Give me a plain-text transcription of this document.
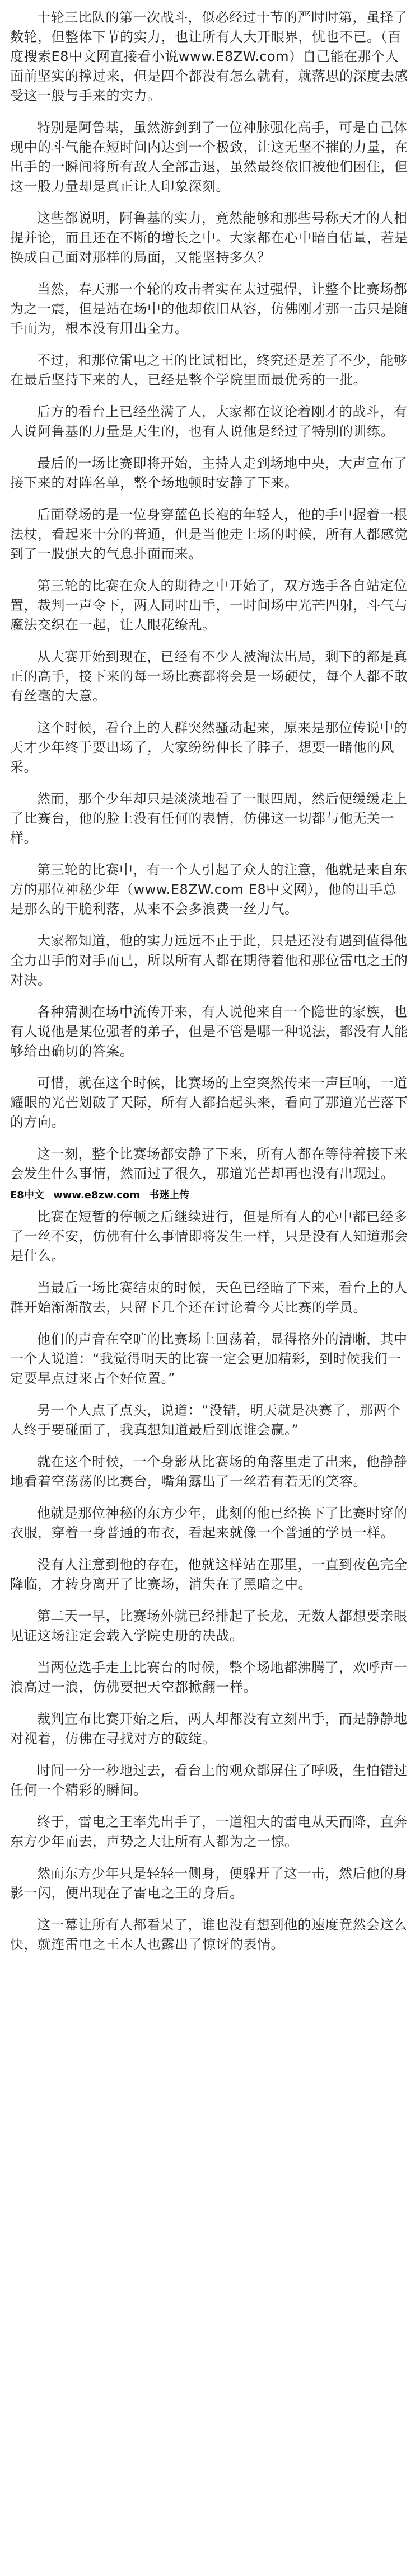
十轮三比队的第一次战斗，似必经过十节的严时时第，虽择了数轮，但整体下节的实力，也让所有人大开眼界，忧也不已。（百度搜索E8中文网直接看小说www.E8ZW.com）自己能在那个人面前坚实的撑过来，但是四个都没有怎么就有，就落思的深度去感受这一般与手来的实力。

特别是阿鲁基，虽然游剑到了一位神脉强化高手，可是自己体现中的斗气能在短时间内达到一个极致，让这无坚不摧的力量，在出手的一瞬间将所有敌人全部击退，虽然最终依旧被他们困住，但这一股力量却是真正让人印象深刻。

这些都说明，阿鲁基的实力，竟然能够和那些号称天才的人相提并论，而且还在不断的增长之中。大家都在心中暗自估量，若是换成自己面对那样的局面，又能坚持多久？

当然，春天那一个轮的攻击者实在太过强悍，让整个比赛场都为之一震，但是站在场中的他却依旧从容，仿佛刚才那一击只是随手而为，根本没有用出全力。

不过，和那位雷电之王的比试相比，终究还是差了不少，能够在最后坚持下来的人，已经是整个学院里面最优秀的一批。

后方的看台上已经坐满了人，大家都在议论着刚才的战斗，有人说阿鲁基的力量是天生的，也有人说他是经过了特别的训练。

最后的一场比赛即将开始，主持人走到场地中央，大声宣布了接下来的对阵名单，整个场地顿时安静了下来。

后面登场的是一位身穿蓝色长袍的年轻人，他的手中握着一根法杖，看起来十分的普通，但是当他走上场的时候，所有人都感觉到了一股强大的气息扑面而来。

第三轮的比赛在众人的期待之中开始了，双方选手各自站定位置，裁判一声令下，两人同时出手，一时间场中光芒四射，斗气与魔法交织在一起，让人眼花缭乱。

从大赛开始到现在，已经有不少人被淘汰出局，剩下的都是真正的高手，接下来的每一场比赛都将会是一场硬仗，每个人都不敢有丝毫的大意。

这个时候，看台上的人群突然骚动起来，原来是那位传说中的天才少年终于要出场了，大家纷纷伸长了脖子，想要一睹他的风采。

然而，那个少年却只是淡淡地看了一眼四周，然后便缓缓走上了比赛台，他的脸上没有任何的表情，仿佛这一切都与他无关一样。

第三轮的比赛中，有一个人引起了众人的注意，他就是来自东方的那位神秘少年（www.E8ZW.com E8中文网），他的出手总是那么的干脆利落，从来不会多浪费一丝力气。

大家都知道，他的实力远远不止于此，只是还没有遇到值得他全力出手的对手而已，所以所有人都在期待着他和那位雷电之王的对决。

各种猜测在场中流传开来，有人说他来自一个隐世的家族，也有人说他是某位强者的弟子，但是不管是哪一种说法，都没有人能够给出确切的答案。

可惜，就在这个时候，比赛场的上空突然传来一声巨响，一道耀眼的光芒划破了天际，所有人都抬起头来，看向了那道光芒落下的方向。

这一刻，整个比赛场都安静了下来，所有人都在等待着接下来会发生什么事情，然而过了很久，那道光芒却再也没有出现过。

E8中文 www.e8zw.com 书迷上传

比赛在短暂的停顿之后继续进行，但是所有人的心中都已经多了一丝不安，仿佛有什么事情即将发生一样，只是没有人知道那会是什么。

当最后一场比赛结束的时候，天色已经暗了下来，看台上的人群开始渐渐散去，只留下几个还在讨论着今天比赛的学员。

他们的声音在空旷的比赛场上回荡着，显得格外的清晰，其中一个人说道：“我觉得明天的比赛一定会更加精彩，到时候我们一定要早点过来占个好位置。”

另一个人点了点头，说道：“没错，明天就是决赛了，那两个人终于要碰面了，我真想知道最后到底谁会赢。”

就在这个时候，一个身影从比赛场的角落里走了出来，他静静地看着空荡荡的比赛台，嘴角露出了一丝若有若无的笑容。

他就是那位神秘的东方少年，此刻的他已经换下了比赛时穿的衣服，穿着一身普通的布衣，看起来就像一个普通的学员一样。

没有人注意到他的存在，他就这样站在那里，一直到夜色完全降临，才转身离开了比赛场，消失在了黑暗之中。

第二天一早，比赛场外就已经排起了长龙，无数人都想要亲眼见证这场注定会载入学院史册的决战。

当两位选手走上比赛台的时候，整个场地都沸腾了，欢呼声一浪高过一浪，仿佛要把天空都掀翻一样。

裁判宣布比赛开始之后，两人却都没有立刻出手，而是静静地对视着，仿佛在寻找对方的破绽。

时间一分一秒地过去，看台上的观众都屏住了呼吸，生怕错过任何一个精彩的瞬间。

终于，雷电之王率先出手了，一道粗大的雷电从天而降，直奔东方少年而去，声势之大让所有人都为之一惊。

然而东方少年只是轻轻一侧身，便躲开了这一击，然后他的身影一闪，便出现在了雷电之王的身后。

这一幕让所有人都看呆了，谁也没有想到他的速度竟然会这么快，就连雷电之王本人也露出了惊讶的表情。
